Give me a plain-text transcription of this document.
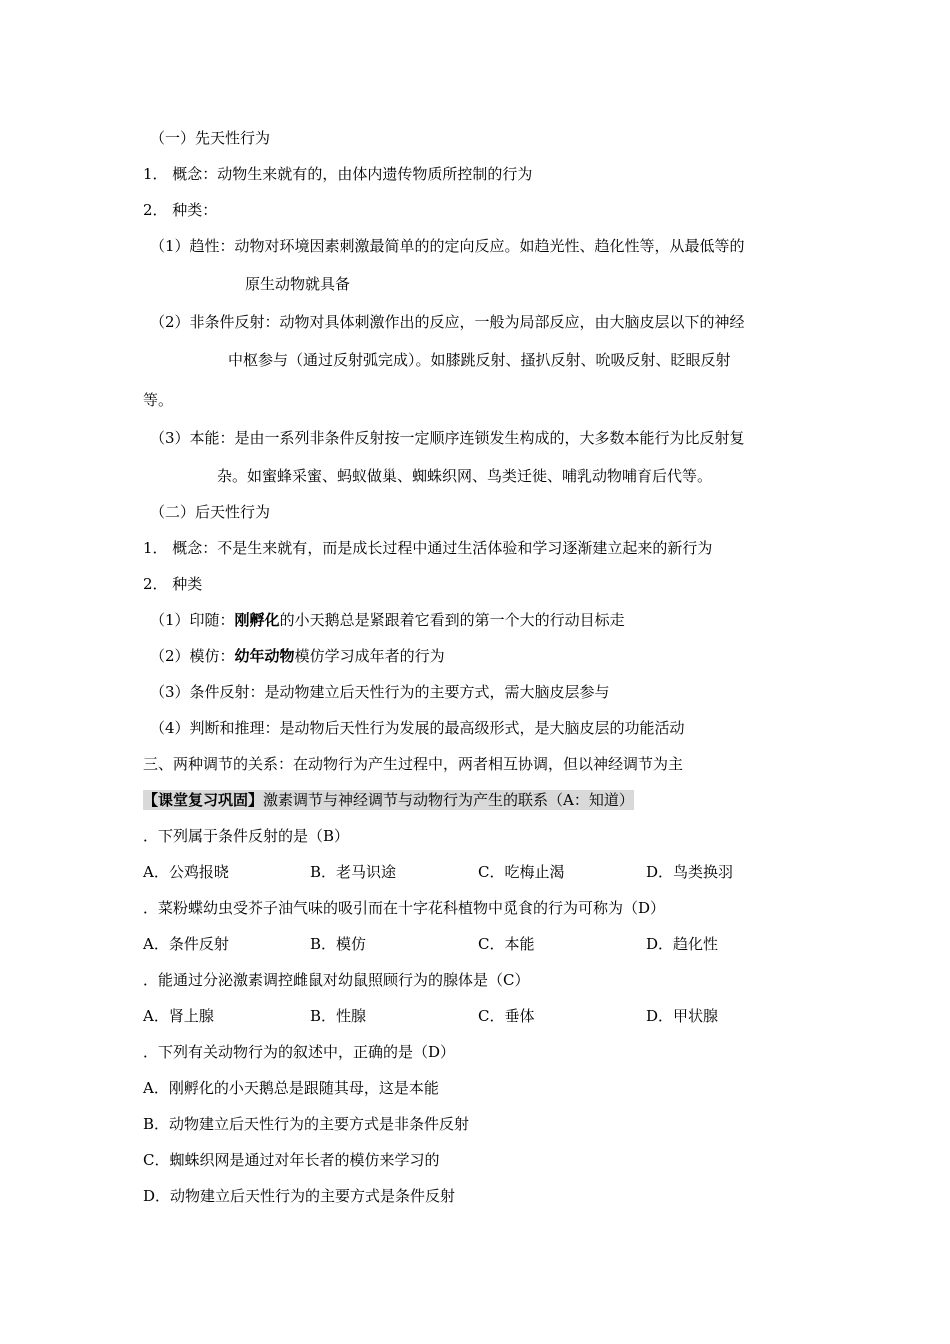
（一）先天性行为
1． 概念：动物生来就有的，由体内遗传物质所控制的行为
2． 种类：
（1）趋性：动物对环境因素刺激最简单的的定向反应。如趋光性、趋化性等，从最低等的
原生动物就具备
（2）非条件反射：动物对具体刺激作出的反应，一般为局部反应，由大脑皮层以下的神经
中枢参与（通过反射弧完成）。如膝跳反射、搔扒反射、吮吸反射、眨眼反射
等。
（3）本能：是由一系列非条件反射按一定顺序连锁发生构成的，大多数本能行为比反射复
杂。如蜜蜂采蜜、蚂蚁做巢、蜘蛛织网、鸟类迁徙、哺乳动物哺育后代等。
（二）后天性行为
1． 概念：不是生来就有，而是成长过程中通过生活体验和学习逐渐建立起来的新行为
2． 种类
（1）印随：刚孵化的小天鹅总是紧跟着它看到的第一个大的行动目标走
（2）模仿：幼年动物模仿学习成年者的行为
（3）条件反射：是动物建立后天性行为的主要方式，需大脑皮层参与
（4）判断和推理：是动物后天性行为发展的最高级形式，是大脑皮层的功能活动
三、两种调节的关系：在动物行为产生过程中，两者相互协调，但以神经调节为主
【课堂复习巩固】激素调节与神经调节与动物行为产生的联系（A：知道）
．下列属于条件反射的是（B）
A．公鸡报晓	B．老马识途	C．吃梅止渴	D．鸟类换羽
．菜粉蝶幼虫受芥子油气味的吸引而在十字花科植物中觅食的行为可称为（D）
A．条件反射	B．模仿	C．本能	D．趋化性
．能通过分泌激素调控雌鼠对幼鼠照顾行为的腺体是（C）
A．肾上腺	B．性腺	C．垂体	D．甲状腺
．下列有关动物行为的叙述中，正确的是（D）
A．刚孵化的小天鹅总是跟随其母，这是本能
B．动物建立后天性行为的主要方式是非条件反射
C．蜘蛛织网是通过对年长者的模仿来学习的
D．动物建立后天性行为的主要方式是条件反射
